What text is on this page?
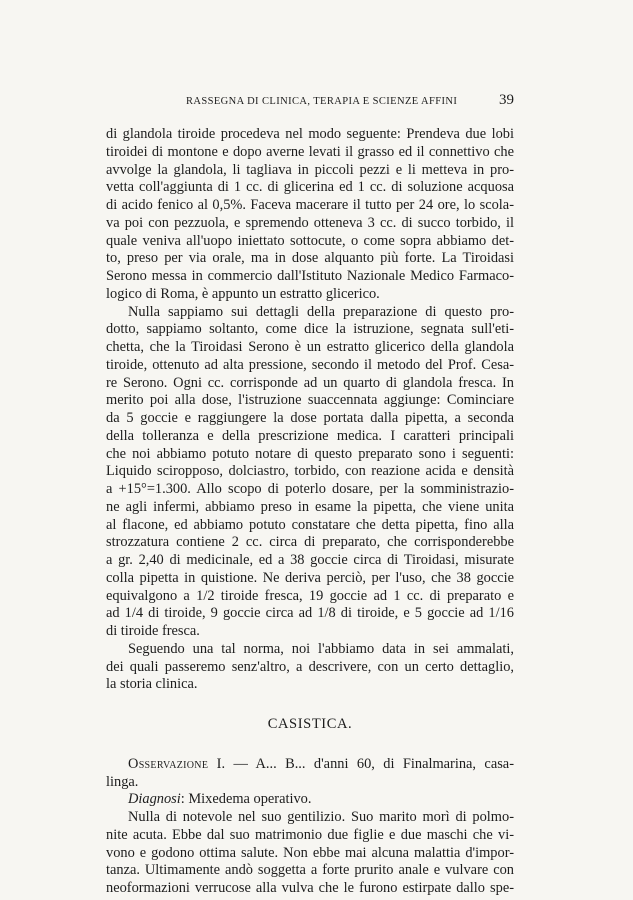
RASSEGNA DI CLINICA, TERAPIA E SCIENZE AFFINI	39
di glandola tiroide procedeva nel modo seguente: Prendeva due lobi
tiroidei di montone e dopo averne levati il grasso ed il connettivo che
avvolge la glandola, li tagliava in piccoli pezzi e li metteva in pro-
vetta coll'aggiunta di 1 cc. di glicerina ed 1 cc. di soluzione acquosa
di acido fenico al 0,5%. Faceva macerare il tutto per 24 ore, lo scola-
va poi con pezzuola, e spremendo otteneva 3 cc. di succo torbido, il
quale veniva all'uopo iniettato sottocute, o come sopra abbiamo det-
to, preso per via orale, ma in dose alquanto più forte. La Tiroidasi
Serono messa in commercio dall'Istituto Nazionale Medico Farmaco-
logico di Roma, è appunto un estratto glicerico.
Nulla sappiamo sui dettagli della preparazione di questo pro-
dotto, sappiamo soltanto, come dice la istruzione, segnata sull'eti-
chetta, che la Tiroidasi Serono è un estratto glicerico della glandola
tiroide, ottenuto ad alta pressione, secondo il metodo del Prof. Cesa-
re Serono. Ogni cc. corrisponde ad un quarto di glandola fresca. In
merito poi alla dose, l'istruzione suaccennata aggiunge: Cominciare
da 5 goccie e raggiungere la dose portata dalla pipetta, a seconda
della tolleranza e della prescrizione medica. I caratteri principali
che noi abbiamo potuto notare di questo preparato sono i seguenti:
Liquido sciropposo, dolciastro, torbido, con reazione acida e densità
a +15°=1.300. Allo scopo di poterlo dosare, per la somministrazio-
ne agli infermi, abbiamo preso in esame la pipetta, che viene unita
al flacone, ed abbiamo potuto constatare che detta pipetta, fino alla
strozzatura contiene 2 cc. circa di preparato, che corrisponderebbe
a gr. 2,40 di medicinale, ed a 38 goccie circa di Tiroidasi, misurate
colla pipetta in quistione. Ne deriva perciò, per l'uso, che 38 goccie
equivalgono a 1/2 tiroide fresca, 19 goccie ad 1 cc. di preparato e
ad 1/4 di tiroide, 9 goccie circa ad 1/8 di tiroide, e 5 goccie ad 1/16
di tiroide fresca.
Seguendo una tal norma, noi l'abbiamo data in sei ammalati,
dei quali passeremo senz'altro, a descrivere, con un certo dettaglio,
la storia clinica.
CASISTICA.
Osservazione I. — A... B... d'anni 60, di Finalmarina, casa-
linga.
Diagnosi: Mixedema operativo.
Nulla di notevole nel suo gentilizio. Suo marito morì di polmo-
nite acuta. Ebbe dal suo matrimonio due figlie e due maschi che vi-
vono e godono ottima salute. Non ebbe mai alcuna malattia d'impor-
tanza. Ultimamente andò soggetta a forte prurito anale e vulvare con
neoformazioni verrucose alla vulva che le furono estirpate dallo spe-
